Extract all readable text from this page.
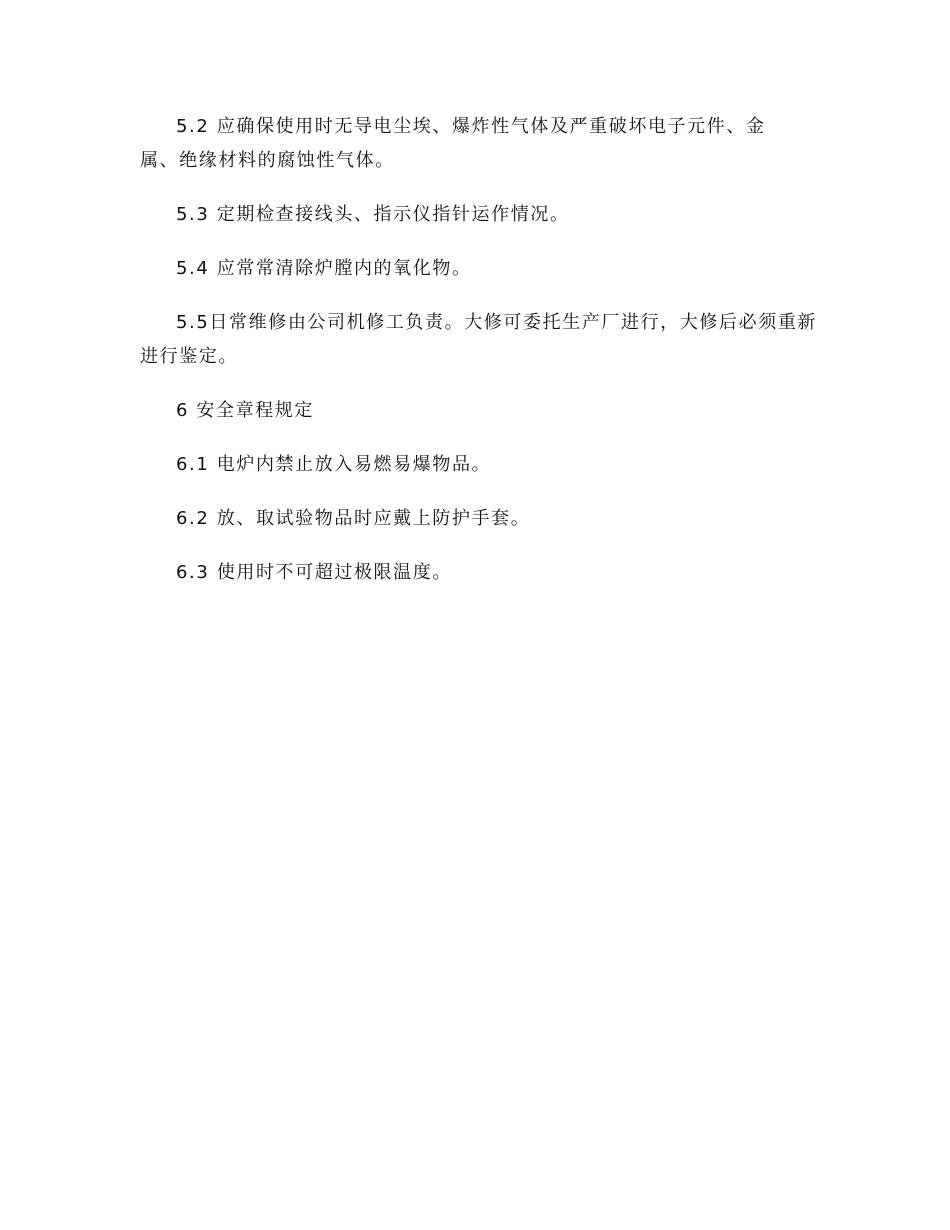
5.2 应确保使用时无导电尘埃、爆炸性气体及严重破坏电子元件、金属、绝缘材料的腐蚀性气体。

5.3 定期检查接线头、指示仪指针运作情况。

5.4 应常常清除炉膛内的氧化物。

5.5日常维修由公司机修工负责。大修可委托生产厂进行，大修后必须重新进行鉴定。

6 安全章程规定

6.1 电炉内禁止放入易燃易爆物品。

6.2 放、取试验物品时应戴上防护手套。

6.3 使用时不可超过极限温度。
